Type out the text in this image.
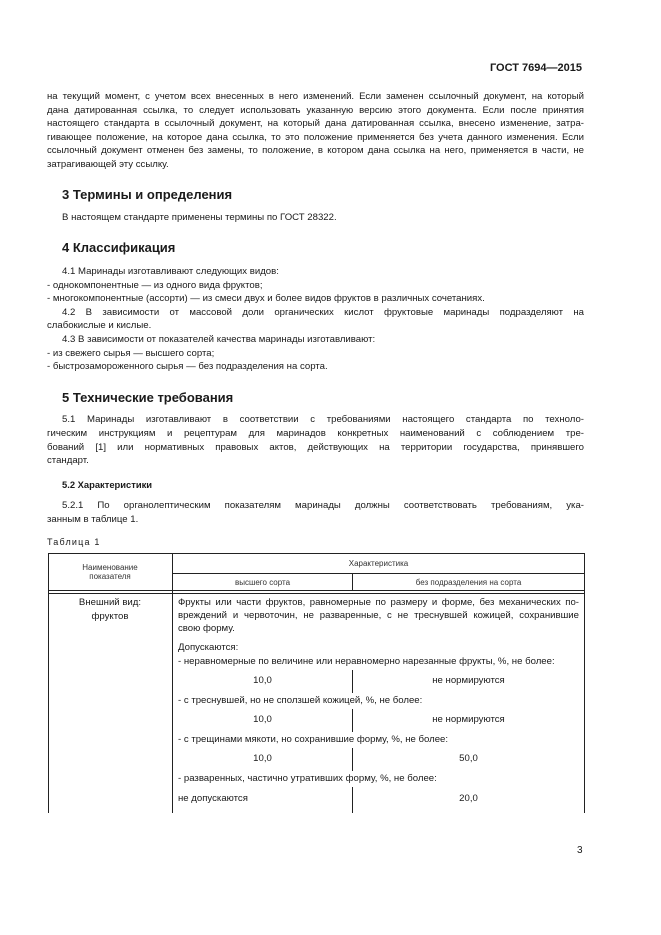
ГОСТ 7694—2015
на текущий момент, с учетом всех внесенных в него изменений. Если заменен ссылочный документ, на который
дана датированная ссылка, то следует использовать указанную версию этого документа. Если после принятия
настоящего стандарта в ссылочный документ, на который дана датированная ссылка, внесено изменение, затра-
гивающее положение, на которое дана ссылка, то это положение применяется без учета данного изменения. Если
ссылочный документ отменен без замены, то положение, в котором дана ссылка на него, применяется в части, не
затрагивающей эту ссылку.
3 Термины и определения
В настоящем стандарте применены термины по ГОСТ 28322.
4 Классификация
4.1 Маринады изготавливают следующих видов:
- однокомпонентные — из одного вида фруктов;
- многокомпонентные (ассорти) — из смеси двух и более видов фруктов в различных сочетаниях.
4.2 В зависимости от массовой доли органических кислот фруктовые маринады подразделяют на
слабокислые и кислые.
4.3 В зависимости от показателей качества маринады изготавливают:
- из свежего сырья — высшего сорта;
- быстрозамороженного сырья — без подразделения на сорта.
5 Технические требования
5.1 Маринады изготавливают в соответствии с требованиями настоящего стандарта по техноло-
гическим инструкциям и рецептурам для маринадов конкретных наименований с соблюдением тре-
бований [1] или нормативных правовых актов, действующих на территории государства, принявшего
стандарт.
5.2 Характеристики
5.2.1 По органолептическим показателям маринады должны соответствовать требованиям, ука-
занным в таблице 1.
Таблица 1
Наименование
показателя
Характеристика
высшего сорта	без подразделения на сорта
Внешний вид:
фруктов
Фрукты или части фруктов, равномерные по размеру и форме, без механических по-
вреждений и червоточин, не разваренные, с не треснувшей кожицей, сохранившие
свою форму.
Допускаются:
- неравномерные по величине или неравномерно нарезанные фрукты, %, не более:
10,0	не нормируются
- с треснувшей, но не сползшей кожицей, %, не более:
10,0	не нормируются
- с трещинами мякоти, но сохранившие форму, %, не более:
10,0	50,0
- разваренных, частично утративших форму, %, не более:
не допускаются	20,0
3
